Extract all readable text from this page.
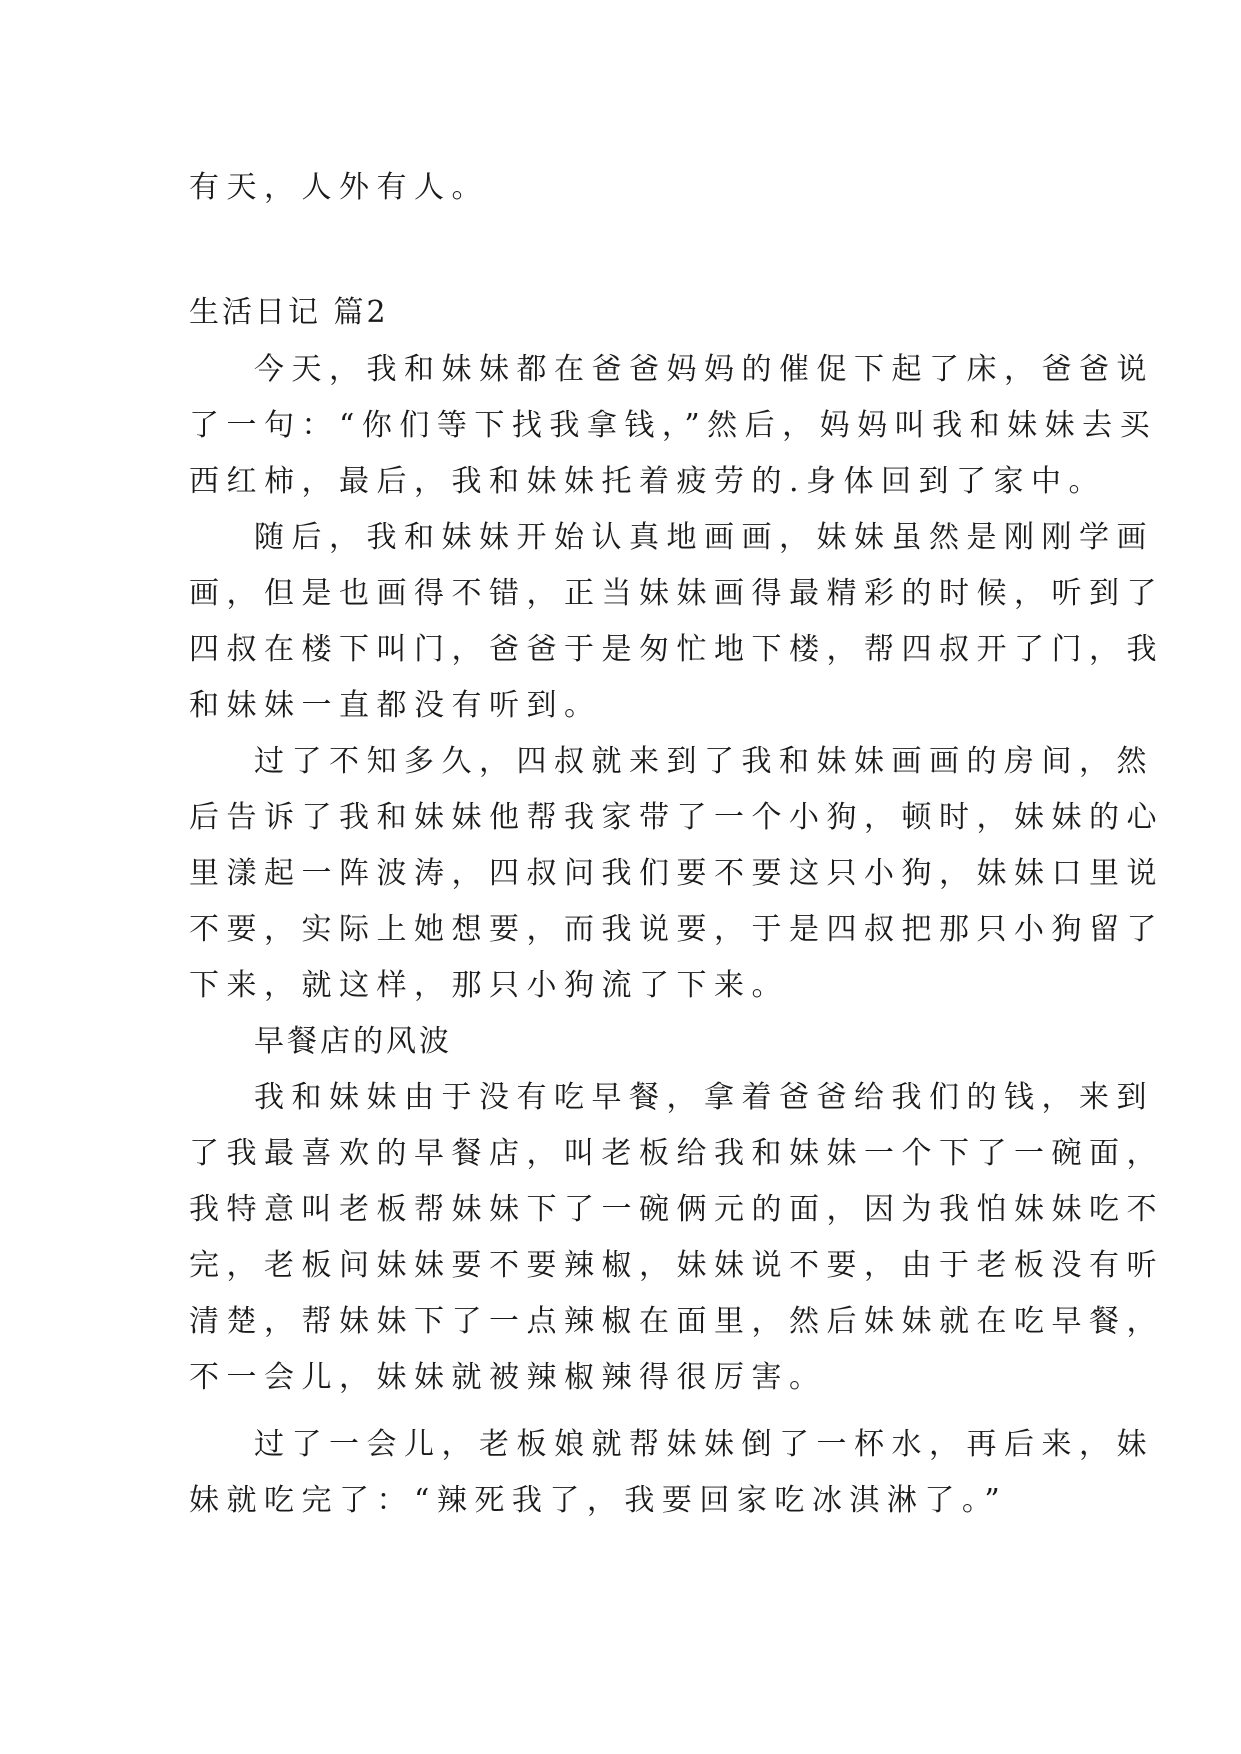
有天，人外有人。
生活日记 篇2
今天，我和妹妹都在爸爸妈妈的催促下起了床，爸爸说
了一句：“你们等下找我拿钱，”然后，妈妈叫我和妹妹去买
西红柿，最后，我和妹妹托着疲劳的.身体回到了家中。
随后，我和妹妹开始认真地画画，妹妹虽然是刚刚学画
画，但是也画得不错，正当妹妹画得最精彩的时候，听到了
四叔在楼下叫门，爸爸于是匆忙地下楼，帮四叔开了门，我
和妹妹一直都没有听到。
过了不知多久，四叔就来到了我和妹妹画画的房间，然
后告诉了我和妹妹他帮我家带了一个小狗，顿时，妹妹的心
里漾起一阵波涛，四叔问我们要不要这只小狗，妹妹口里说
不要，实际上她想要，而我说要，于是四叔把那只小狗留了
下来，就这样，那只小狗流了下来。
早餐店的风波
我和妹妹由于没有吃早餐，拿着爸爸给我们的钱，来到
了我最喜欢的早餐店，叫老板给我和妹妹一个下了一碗面，
我特意叫老板帮妹妹下了一碗俩元的面，因为我怕妹妹吃不
完，老板问妹妹要不要辣椒，妹妹说不要，由于老板没有听
清楚，帮妹妹下了一点辣椒在面里，然后妹妹就在吃早餐，
不一会儿，妹妹就被辣椒辣得很厉害。
过了一会儿，老板娘就帮妹妹倒了一杯水，再后来，妹
妹就吃完了：“辣死我了，我要回家吃冰淇淋了。”
